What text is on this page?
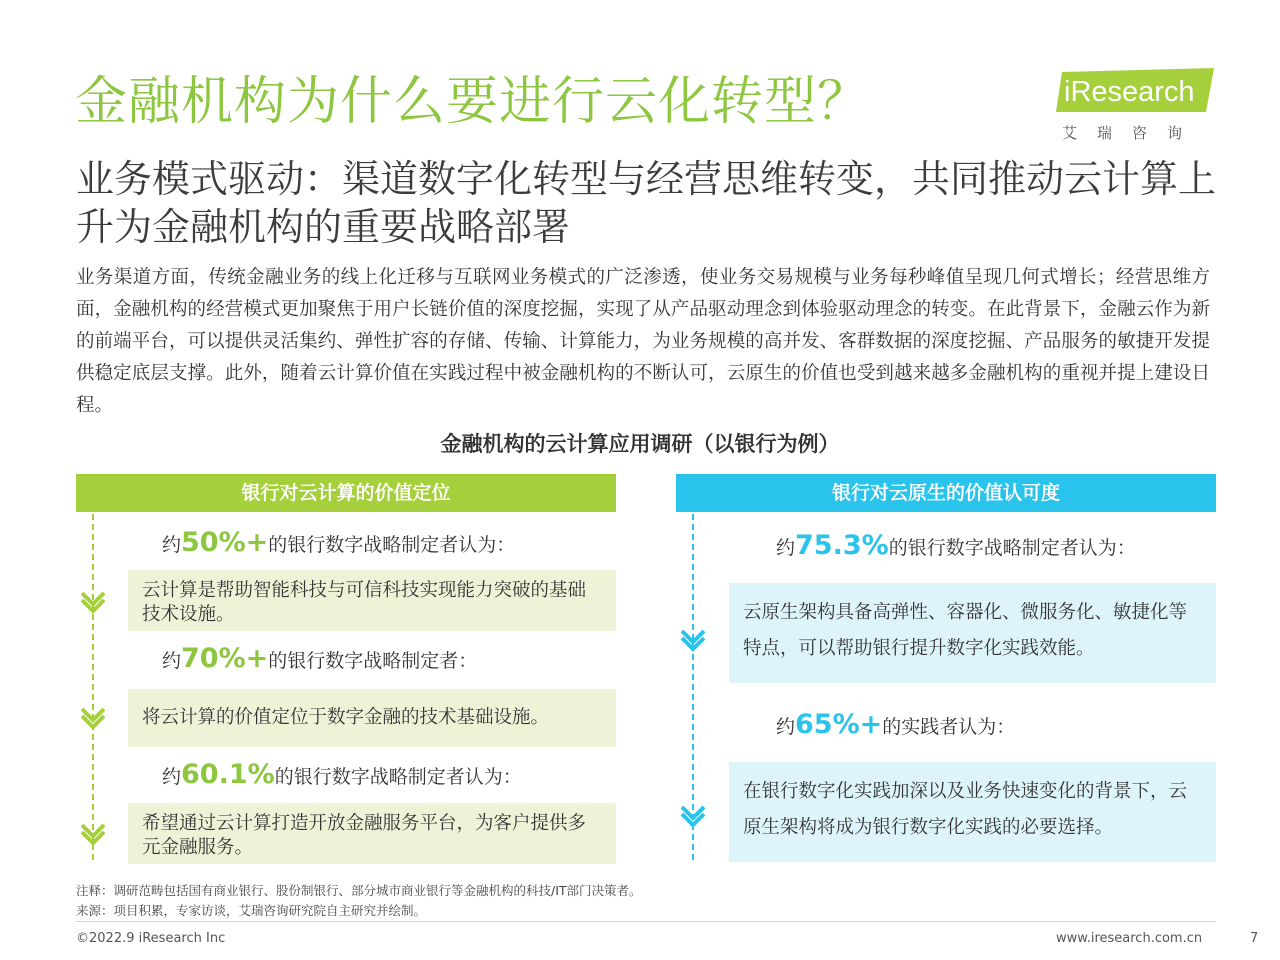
金融机构为什么要进行云化转型？	iResearch
艾瑞咨询
业务模式驱动：渠道数字化转型与经营思维转变，共同推动云计算上升为金融机构的重要战略部署
业务渠道方面，传统金融业务的线上化迁移与互联网业务模式的广泛渗透，使业务交易规模与业务每秒峰值呈现几何式增长；经营思维方面，金融机构的经营模式更加聚焦于用户长链价值的深度挖掘，实现了从产品驱动理念到体验驱动理念的转变。在此背景下，金融云作为新的前端平台，可以提供灵活集约、弹性扩容的存储、传输、计算能力，为业务规模的高并发、客群数据的深度挖掘、产品服务的敏捷开发提供稳定底层支撑。此外，随着云计算价值在实践过程中被金融机构的不断认可，云原生的价值也受到越来越多金融机构的重视并提上建设日程。
金融机构的云计算应用调研（以银行为例）
银行对云计算的价值定位
约50%+的银行数字战略制定者认为：
云计算是帮助智能科技与可信科技实现能力突破的基础技术设施。
约70%+的银行数字战略制定者：
将云计算的价值定位于数字金融的技术基础设施。
约60.1%的银行数字战略制定者认为：
希望通过云计算打造开放金融服务平台，为客户提供多元金融服务。
银行对云原生的价值认可度
约75.3%的银行数字战略制定者认为：
云原生架构具备高弹性、容器化、微服务化、敏捷化等特点，可以帮助银行提升数字化实践效能。
约65%+的实践者认为：
在银行数字化实践加深以及业务快速变化的背景下，云原生架构将成为银行数字化实践的必要选择。
注释：调研范畴包括国有商业银行、股份制银行、部分城市商业银行等金融机构的科技/IT部门决策者。
来源：项目积累，专家访谈，艾瑞咨询研究院自主研究并绘制。
©2022.9 iResearch Inc	www.iresearch.com.cn	7
